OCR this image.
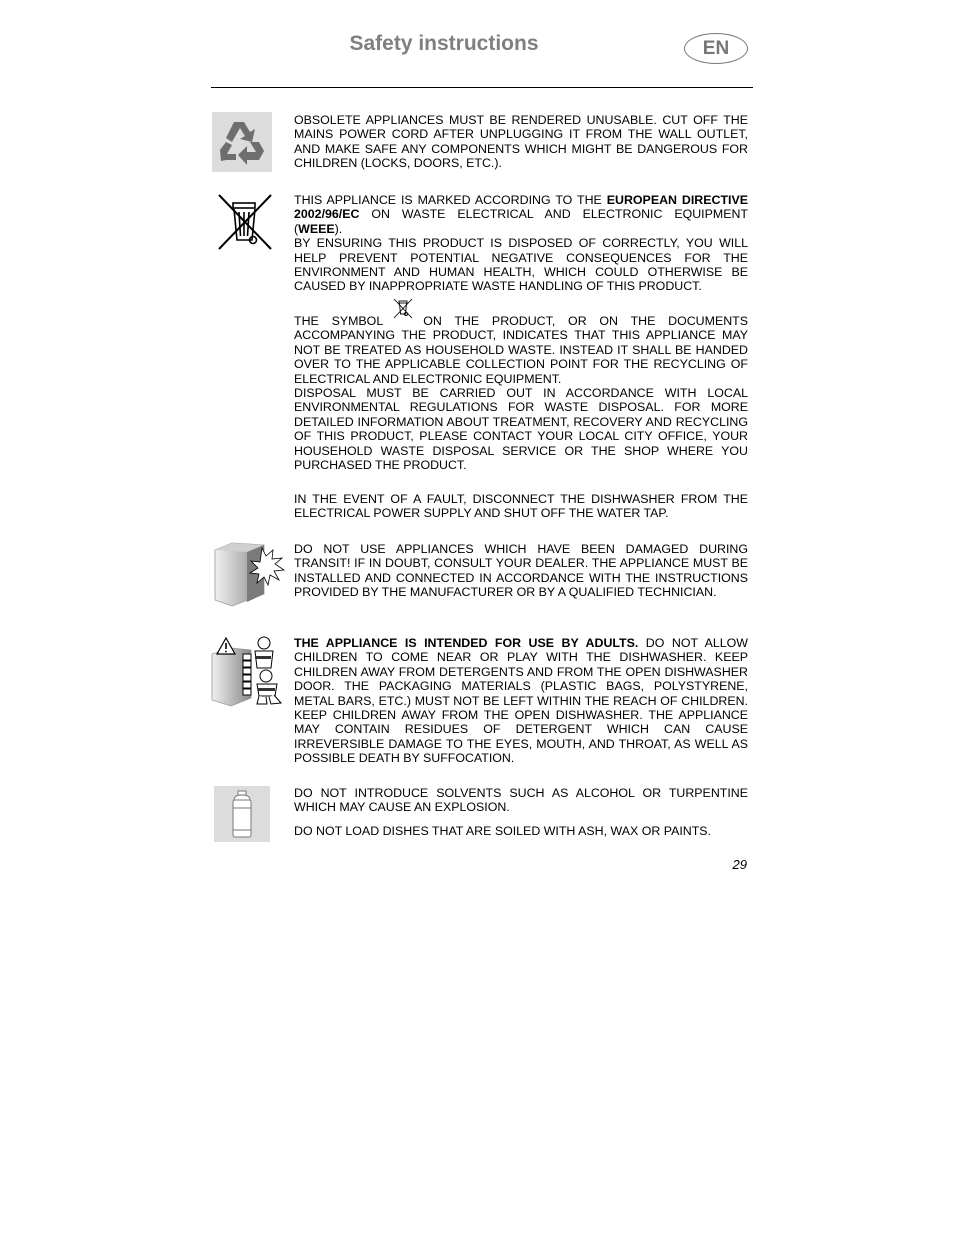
Safety instructions	EN

OBSOLETE APPLIANCES MUST BE RENDERED UNUSABLE. CUT OFF THE MAINS POWER CORD AFTER UNPLUGGING IT FROM THE WALL OUTLET, AND MAKE SAFE ANY COMPONENTS WHICH MIGHT BE DANGEROUS FOR CHILDREN (LOCKS, DOORS, ETC.).

THIS APPLIANCE IS MARKED ACCORDING TO THE EUROPEAN DIRECTIVE 2002/96/EC ON WASTE ELECTRICAL AND ELECTRONIC EQUIPMENT (WEEE).

BY ENSURING THIS PRODUCT IS DISPOSED OF CORRECTLY, YOU WILL HELP PREVENT POTENTIAL NEGATIVE CONSEQUENCES FOR THE ENVIRONMENT AND HUMAN HEALTH, WHICH COULD OTHERWISE BE CAUSED BY INAPPROPRIATE WASTE HANDLING OF THIS PRODUCT.

THE SYMBOL	ON THE PRODUCT, OR ON THE DOCUMENTS ACCOMPANYING THE PRODUCT, INDICATES THAT THIS APPLIANCE MAY NOT BE TREATED AS HOUSEHOLD WASTE. INSTEAD IT SHALL BE HANDED OVER TO THE APPLICABLE COLLECTION POINT FOR THE RECYCLING OF ELECTRICAL AND ELECTRONIC EQUIPMENT.

DISPOSAL MUST BE CARRIED OUT IN ACCORDANCE WITH LOCAL ENVIRONMENTAL REGULATIONS FOR WASTE DISPOSAL. FOR MORE DETAILED INFORMATION ABOUT TREATMENT, RECOVERY AND RECYCLING OF THIS PRODUCT, PLEASE CONTACT YOUR LOCAL CITY OFFICE, YOUR HOUSEHOLD WASTE DISPOSAL SERVICE OR THE SHOP WHERE YOU PURCHASED THE PRODUCT.

IN THE EVENT OF A FAULT, DISCONNECT THE DISHWASHER FROM THE ELECTRICAL POWER SUPPLY AND SHUT OFF THE WATER TAP.

DO NOT USE APPLIANCES WHICH HAVE BEEN DAMAGED DURING TRANSIT! IF IN DOUBT, CONSULT YOUR DEALER. THE APPLIANCE MUST BE INSTALLED AND CONNECTED IN ACCORDANCE WITH THE INSTRUCTIONS PROVIDED BY THE MANUFACTURER OR BY A QUALIFIED TECHNICIAN.

THE APPLIANCE IS INTENDED FOR USE BY ADULTS. DO NOT ALLOW CHILDREN TO COME NEAR OR PLAY WITH THE DISHWASHER. KEEP CHILDREN AWAY FROM DETERGENTS AND FROM THE OPEN DISHWASHER DOOR. THE PACKAGING MATERIALS (PLASTIC BAGS, POLYSTYRENE, METAL BARS, ETC.) MUST NOT BE LEFT WITHIN THE REACH OF CHILDREN. KEEP CHILDREN AWAY FROM THE OPEN DISHWASHER. THE APPLIANCE MAY CONTAIN RESIDUES OF DETERGENT WHICH CAN CAUSE IRREVERSIBLE DAMAGE TO THE EYES, MOUTH, AND THROAT, AS WELL AS POSSIBLE DEATH BY SUFFOCATION.

DO NOT INTRODUCE SOLVENTS SUCH AS ALCOHOL OR TURPENTINE WHICH MAY CAUSE AN EXPLOSION.

DO NOT LOAD DISHES THAT ARE SOILED WITH ASH, WAX OR PAINTS.

29
